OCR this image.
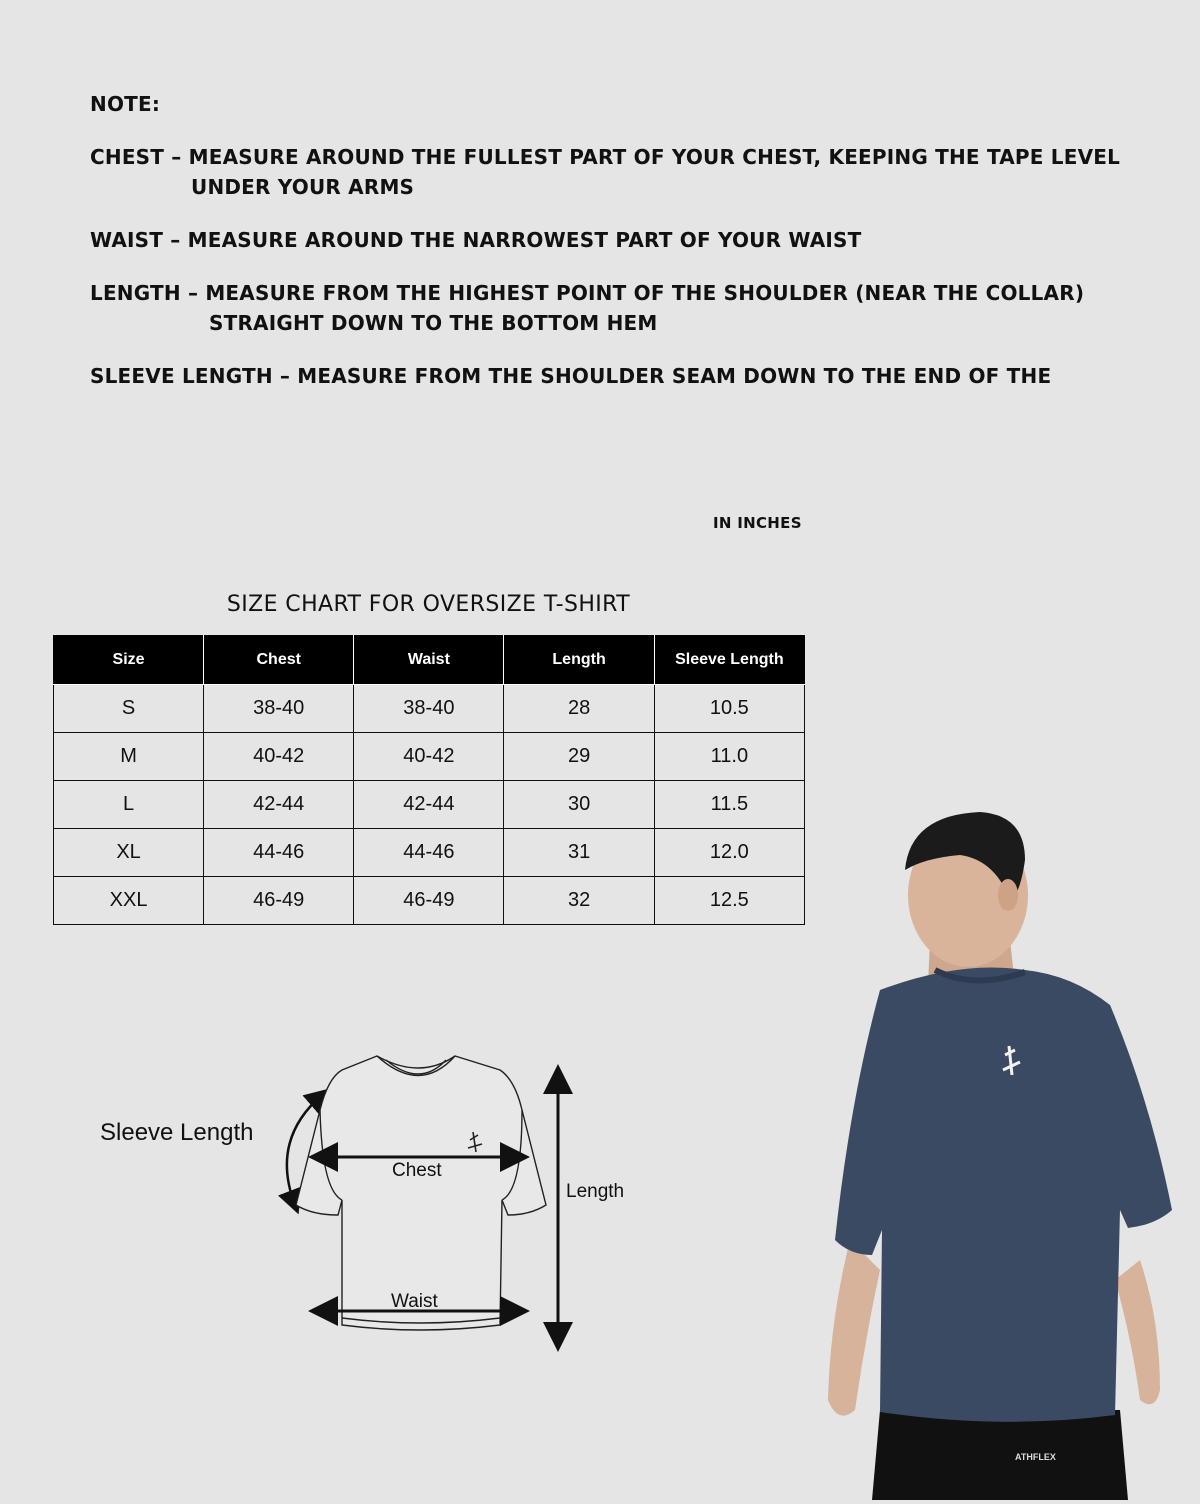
NOTE:
CHEST – MEASURE AROUND THE FULLEST PART OF YOUR CHEST, KEEPING THE TAPE LEVEL
UNDER YOUR ARMS
WAIST – MEASURE AROUND THE NARROWEST PART OF YOUR WAIST
LENGTH – MEASURE FROM THE HIGHEST POINT OF THE SHOULDER (NEAR THE COLLAR)
STRAIGHT DOWN TO THE BOTTOM HEM
SLEEVE LENGTH – MEASURE FROM THE SHOULDER SEAM DOWN TO THE END OF THE
IN INCHES
SIZE CHART FOR OVERSIZE T-SHIRT
Size	Chest	Waist	Length	Sleeve Length
S	38-40	38-40	28	10.5
M	40-42	40-42	29	11.0
L	42-44	42-44	30	11.5
XL	44-46	44-46	31	12.0
XXL	46-49	46-49	32	12.5
Sleeve Length
Chest
Waist
Length
ATHFLEX
